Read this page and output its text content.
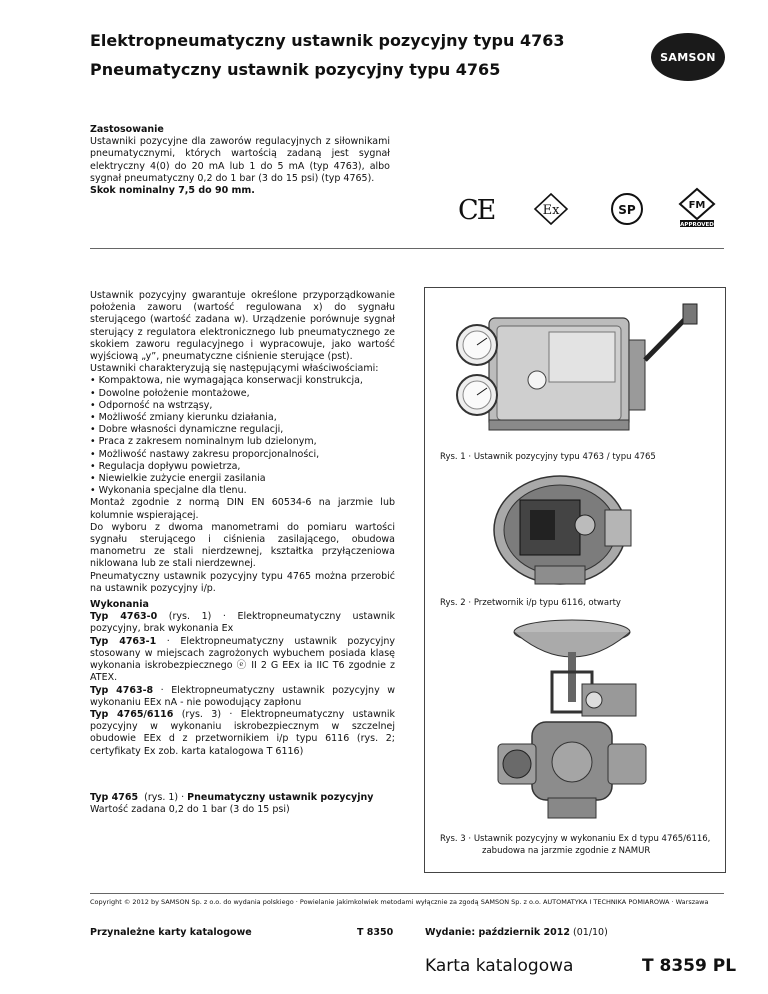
Elektropneumatyczny ustawnik pozycyjny typu 4763
Pneumatyczny ustawnik pozycyjny typu 4765
SAMSON

Zastosowanie

Ustawniki pozycyjne dla zaworów regulacyjnych z siłownikami pneumatycznymi, których wartością zadaną jest sygnał elektryczny 4(0) do 20 mA lub 1 do 5 mA (typ 4763), albo sygnał pneumatyczny 0,2 do 1 bar (3 do 15 psi) (typ 4765).

Skok nominalny 7,5 do 90 mm.

CE	Ex	SP	FM
APPROVED

Ustawnik pozycyjny gwarantuje określone przyporządkowanie położenia zaworu (wartość regulowana x) do sygnału sterującego (wartość zadana w). Urządzenie porównuje sygnał sterujący z regulatora elektronicznego lub pneumatycznego ze skokiem zaworu regulacyjnego i wypracowuje, jako wartość wyjściową „y”, pneumatyczne ciśnienie sterujące (pst).

Ustawniki charakteryzują się następującymi właściwościami:

• Kompaktowa, nie wymagająca konserwacji konstrukcja,
• Dowolne położenie montażowe,
• Odporność na wstrząsy,
• Możliwość zmiany kierunku działania,
• Dobre własności dynamiczne regulacji,
• Praca z zakresem nominalnym lub dzielonym,
• Możliwość nastawy zakresu proporcjonalności,
• Regulacja dopływu powietrza,
• Niewielkie zużycie energii zasilania
• Wykonania specjalne dla tlenu.

Montaż zgodnie z normą DIN EN 60534-6 na jarzmie lub kolumnie wspierającej.

Do wyboru z dwoma manometrami do pomiaru wartości sygnału sterującego i ciśnienia zasilającego, obudowa manometru ze stali nierdzewnej, kształtka przyłączeniowa niklowana lub ze stali nierdzewnej.

Pneumatyczny ustawnik pozycyjny typu 4765 można przerobić na ustawnik pozycyjny i/p.

Wykonania

Typ 4763-0 (rys. 1) · Elektropneumatyczny ustawnik pozycyjny, brak wykonania Ex

Typ 4763-1 · Elektropneumatyczny ustawnik pozycyjny stosowany w miejscach zagrożonych wybuchem posiada klasę wykonania iskrobezpiecznego ⓔ II 2 G EEx ia IIC T6 zgodnie z ATEX.

Typ 4763-8 · Elektropneumatyczny ustawnik pozycyjny w wykonaniu EEx nA - nie powodujący zapłonu

Typ 4765/6116 (rys. 3) · Elektropneumatyczny ustawnik pozycyjny w wykonaniu iskrobezpiecznym w szczelnej obudowie EEx d z przetwornikiem i/p typu 6116 (rys. 2; certyfikaty Ex zob. karta katalogowa T 6116)

Typ 4765  (rys. 1) · Pneumatyczny ustawnik pozycyjny

Wartość zadana 0,2 do 1 bar (3 do 15 psi)

Rys. 1 · Ustawnik pozycyjny typu 4763 / typu 4765
Rys. 2 · Przetwornik i/p typu 6116, otwarty
Rys. 3 · Ustawnik pozycyjny w wykonaniu Ex d typu 4765/6116,
zabudowa na jarzmie zgodnie z NAMUR
Copyright © 2012 by SAMSON Sp. z o.o. do wydania polskiego · Powielanie jakimkolwiek metodami wyłącznie za zgodą SAMSON Sp. z o.o. AUTOMATYKA I TECHNIKA POMIAROWA · Warszawa
Przynależne karty katalogowe	T 8350	Wydanie: październik 2012 (01/10)
Karta katalogowa	T 8359 PL
